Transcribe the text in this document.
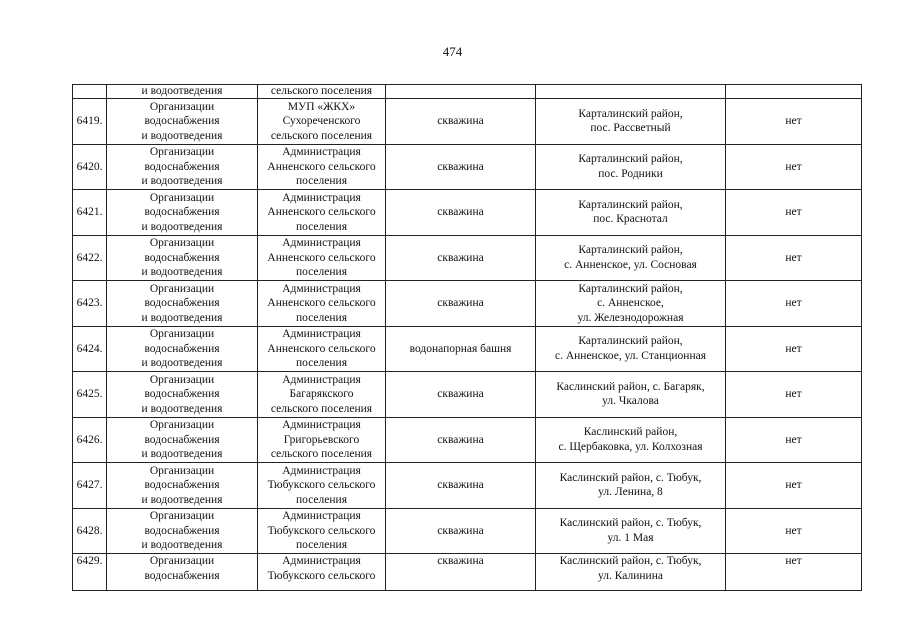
474
	и водоотведения	сельского поселения			
6419.	Организации
водоснабжения
и водоотведения	МУП «ЖКХ»
Сухореченского
сельского поселения	скважина	Карталинский район,
пос. Рассветный	нет
6420.	Организации
водоснабжения
и водоотведения	Администрация
Анненского сельского
поселения	скважина	Карталинский район,
пос. Родники	нет
6421.	Организации
водоснабжения
и водоотведения	Администрация
Анненского сельского
поселения	скважина	Карталинский район,
пос. Краснотал	нет
6422.	Организации
водоснабжения
и водоотведения	Администрация
Анненского сельского
поселения	скважина	Карталинский район,
с. Анненское, ул. Сосновая	нет
6423.	Организации
водоснабжения
и водоотведения	Администрация
Анненского сельского
поселения	скважина	Карталинский район,
с. Анненское,
ул. Железнодорожная	нет
6424.	Организации
водоснабжения
и водоотведения	Администрация
Анненского сельского
поселения	водонапорная башня	Карталинский район,
с. Анненское, ул. Станционная	нет
6425.	Организации
водоснабжения
и водоотведения	Администрация
Багарякского
сельского поселения	скважина	Каслинский район, с. Багаряк,
ул. Чкалова	нет
6426.	Организации
водоснабжения
и водоотведения	Администрация
Григорьевского
сельского поселения	скважина	Каслинский район,
с. Щербаковка, ул. Колхозная	нет
6427.	Организации
водоснабжения
и водоотведения	Администрация
Тюбукского сельского
поселения	скважина	Каслинский район, с. Тюбук,
ул. Ленина, 8	нет
6428.	Организации
водоснабжения
и водоотведения	Администрация
Тюбукского сельского
поселения	скважина	Каслинский район, с. Тюбук,
ул. 1 Мая	нет
6429.	Организации
водоснабжения	Администрация
Тюбукского сельского	скважина	Каслинский район, с. Тюбук,
ул. Калинина	нет
